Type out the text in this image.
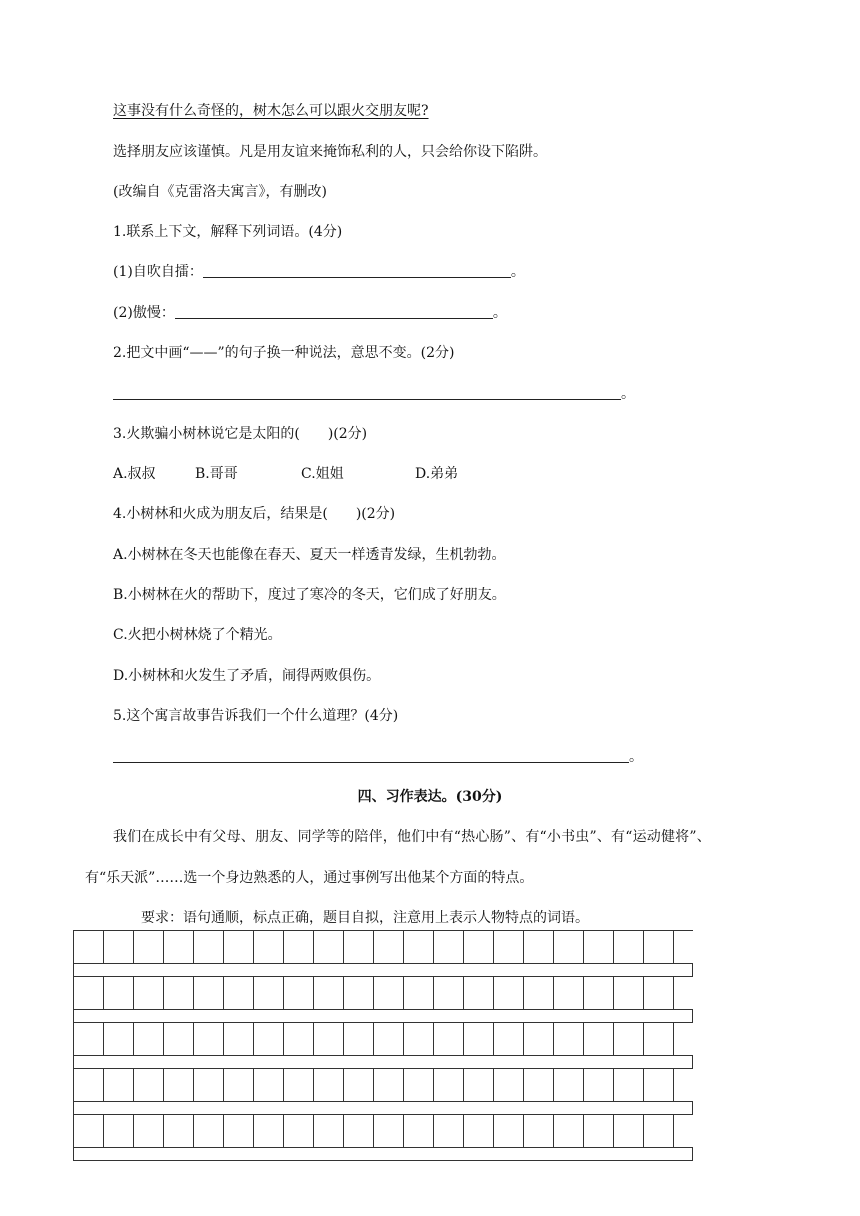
这事没有什么奇怪的，树木怎么可以跟火交朋友呢?
选择朋友应该谨慎。凡是用友谊来掩饰私利的人，只会给你设下陷阱。
(改编自《克雷洛夫寓言》，有删改)
1.联系上下文，解释下列词语。(4分)
(1)自吹自擂：	。
(2)傲慢：	。
2.把文中画“——”的句子换一种说法，意思不变。(2分)
。
3.火欺骗小树林说它是太阳的(　　)(2分)
A.叔叔	B.哥哥	C.姐姐	D.弟弟
4.小树林和火成为朋友后，结果是(　　)(2分)
A.小树林在冬天也能像在春天、夏天一样透青发绿，生机勃勃。
B.小树林在火的帮助下，度过了寒冷的冬天，它们成了好朋友。
C.火把小树林烧了个精光。
D.小树林和火发生了矛盾，闹得两败俱伤。
5.这个寓言故事告诉我们一个什么道理？(4分)
。
四、习作表达。(30分)
我们在成长中有父母、朋友、同学等的陪伴，他们中有“热心肠”、有“小书虫”、有“运动健将”、
有“乐天派”……选一个身边熟悉的人，通过事例写出他某个方面的特点。
要求：语句通顺，标点正确，题目自拟，注意用上表示人物特点的词语。
